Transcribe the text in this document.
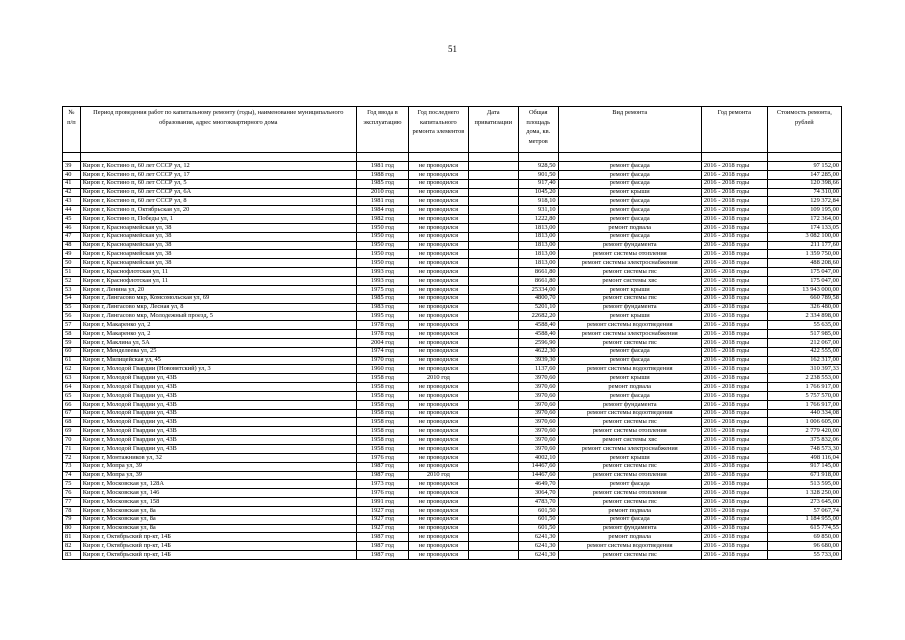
51
№ п/п	Период проведения работ по капитальному ремонту (годы), наименование муниципального образования, адрес многоквартирного дома	Год ввода в эксплуатацию	Год последнего капитального ремонта элементов	Дата приватизации	Общая площадь дома, кв. метров	Вид ремонта	Год ремонта	Стоимость ремонта, рублей

39	Киров г, Костино п, 60 лет СССР ул, 12	1981 год	не проводился		928,50	ремонт фасада	2016 - 2018 годы	97 152,00
40	Киров г, Костино п, 60 лет СССР ул, 17	1988 год	не проводился		901,50	ремонт фасада	2016 - 2018 годы	147 285,00
41	Киров г, Костино п, 60 лет СССР ул, 5	1985 год	не проводился		917,40	ремонт фасада	2016 - 2018 годы	120 398,66
42	Киров г, Костино п, 60 лет СССР ул, 6А	2010 год	не проводился		1045,20	ремонт крыши	2016 - 2018 годы	74 310,00
43	Киров г, Костино п, 60 лет СССР ул, 8	1981 год	не проводился		918,10	ремонт фасада	2016 - 2018 годы	129 372,84
44	Киров г, Костино п, Октябрьская ул, 20	1984 год	не проводился		931,10	ремонт фасада	2016 - 2018 годы	109 195,00
45	Киров г, Костино п, Победы ул, 1	1982 год	не проводился		1222,80	ремонт фасада	2016 - 2018 годы	172 364,00
46	Киров г, Красноармейская ул, 38	1950 год	не проводился		1813,00	ремонт подвала	2016 - 2018 годы	174 133,05
47	Киров г, Красноармейская ул, 38	1950 год	не проводился		1813,00	ремонт фасада	2016 - 2018 годы	3 082 100,00
48	Киров г, Красноармейская ул, 38	1950 год	не проводился		1813,00	ремонт фундамента	2016 - 2018 годы	211 177,60
49	Киров г, Красноармейская ул, 38	1950 год	не проводился		1813,00	ремонт системы отопления	2016 - 2018 годы	1 359 750,00
50	Киров г, Красноармейская ул, 38	1950 год	не проводился		1813,00	ремонт системы электроснабжения	2016 - 2018 годы	488 208,60
51	Киров г, Краснофлотская ул, 11	1993 год	не проводился		8661,80	ремонт системы гвс	2016 - 2018 годы	175 047,00
52	Киров г, Краснофлотская ул, 11	1993 год	не проводился		8661,80	ремонт системы хвс	2016 - 2018 годы	175 047,00
53	Киров г, Ленина ул, 20	1975 год	не проводился		25334,00	ремонт крыши	2016 - 2018 годы	13 943 000,00
54	Киров г, Лянгасово мкр, Комсомольская ул, 69	1985 год	не проводился		4800,70	ремонт системы гвс	2016 - 2018 годы	660 789,58
55	Киров г, Лянгасово мкр, Лесная ул, 8	1983 год	не проводился		5201,10	ремонт фундамента	2016 - 2018 годы	326 480,00
56	Киров г, Лянгасово мкр, Молодежный проезд, 5	1995 год	не проводился		22682,20	ремонт крыши	2016 - 2018 годы	2 334 898,00
57	Киров г, Макаренко ул, 2	1978 год	не проводился		4588,40	ремонт системы водоотведения	2016 - 2018 годы	55 635,00
58	Киров г, Макаренко ул, 2	1978 год	не проводился		4588,40	ремонт системы электроснабжения	2016 - 2018 годы	517 985,00
59	Киров г, Маклина ул, 5А	2004 год	не проводился		2596,90	ремонт системы гвс	2016 - 2018 годы	212 067,00
60	Киров г, Менделеева ул, 25	1974 год	не проводился		4622,30	ремонт фасада	2016 - 2018 годы	422 555,00
61	Киров г, Милицейская ул, 45	1970 год	не проводился		3939,30	ремонт фасада	2016 - 2018 годы	162 317,00
62	Киров г, Молодой Гвардии (Нововятский) ул, 3	1960 год	не проводился		1137,60	ремонт системы водоотведения	2016 - 2018 годы	310 397,33
63	Киров г, Молодой Гвардии ул, 43В	1958 год	2010 год		3970,60	ремонт крыши	2016 - 2018 годы	2 238 553,00
64	Киров г, Молодой Гвардии ул, 43В	1958 год	не проводился		3970,60	ремонт подвала	2016 - 2018 годы	1 766 917,00
65	Киров г, Молодой Гвардии ул, 43В	1958 год	не проводился		3970,60	ремонт фасада	2016 - 2018 годы	5 757 570,00
66	Киров г, Молодой Гвардии ул, 43В	1958 год	не проводился		3970,60	ремонт фундамента	2016 - 2018 годы	1 766 917,00
67	Киров г, Молодой Гвардии ул, 43В	1958 год	не проводился		3970,60	ремонт системы водоотведения	2016 - 2018 годы	440 334,08
68	Киров г, Молодой Гвардии ул, 43В	1958 год	не проводился		3970,60	ремонт системы гвс	2016 - 2018 годы	1 006 605,00
69	Киров г, Молодой Гвардии ул, 43В	1958 год	не проводился		3970,60	ремонт системы отопления	2016 - 2018 годы	2 779 420,00
70	Киров г, Молодой Гвардии ул, 43В	1958 год	не проводился		3970,60	ремонт системы хвс	2016 - 2018 годы	375 832,06
71	Киров г, Молодой Гвардии ул, 43В	1958 год	не проводился		3970,60	ремонт системы электроснабжения	2016 - 2018 годы	748 573,30
72	Киров г, Монтажников ул, 32	1976 год	не проводился		4002,10	ремонт крыши	2016 - 2018 годы	498 116,04
73	Киров г, Мопра ул, 39	1987 год	не проводился		14467,60	ремонт системы гвс	2016 - 2018 годы	917 145,00
74	Киров г, Мопра ул, 39	1987 год	2010 год		14467,60	ремонт системы отопления	2016 - 2018 годы	671 918,00
75	Киров г, Московская ул, 128А	1973 год	не проводился		4649,70	ремонт фасада	2016 - 2018 годы	513 595,00
76	Киров г, Московская ул, 146	1976 год	не проводился		3064,70	ремонт системы отопления	2016 - 2018 годы	1 328 250,00
77	Киров г, Московская ул, 158	1991 год	не проводился		4783,70	ремонт системы гвс	2016 - 2018 годы	273 645,00
78	Киров г, Московская ул, 8а	1927 год	не проводился		601,50	ремонт подвала	2016 - 2018 годы	57 067,74
79	Киров г, Московская ул, 8а	1927 год	не проводился		601,50	ремонт фасада	2016 - 2018 годы	1 184 955,00
80	Киров г, Московская ул, 8а	1927 год	не проводился		601,50	ремонт фундамента	2016 - 2018 годы	615 774,55
81	Киров г, Октябрьский пр-кт, 14Б	1987 год	не проводился		6241,30	ремонт подвала	2016 - 2018 годы	69 850,00
82	Киров г, Октябрьский пр-кт, 14Б	1987 год	не проводился		6241,30	ремонт системы водоотведения	2016 - 2018 годы	96 680,00
83	Киров г, Октябрьский пр-кт, 14Б	1987 год	не проводился		6241,30	ремонт системы гвс	2016 - 2018 годы	55 733,00
